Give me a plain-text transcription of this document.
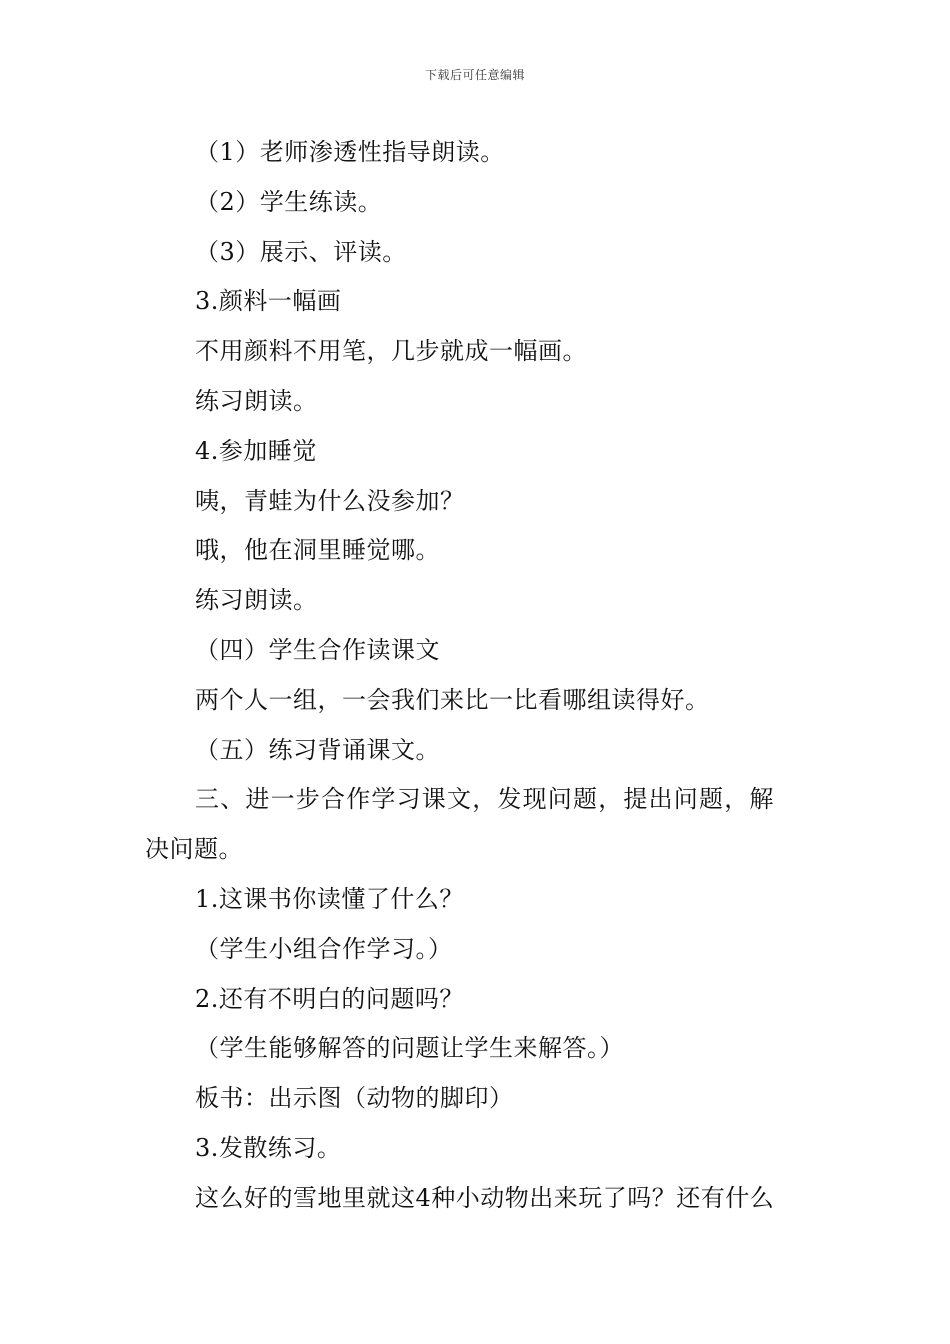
下载后可任意编辑
（1）老师渗透性指导朗读。
（2）学生练读。
（3）展示、评读。
3.颜料一幅画
不用颜料不用笔，几步就成一幅画。
练习朗读。
4.参加睡觉
咦，青蛙为什么没参加？
哦，他在洞里睡觉哪。
练习朗读。
（四）学生合作读课文
两个人一组，一会我们来比一比看哪组读得好。
（五）练习背诵课文。
三、进一步合作学习课文，发现问题，提出问题，解
决问题。
1.这课书你读懂了什么？
（学生小组合作学习。）
2.还有不明白的问题吗？
（学生能够解答的问题让学生来解答。）
板书：出示图（动物的脚印）
3.发散练习。
这么好的雪地里就这4种小动物出来玩了吗？还有什么
